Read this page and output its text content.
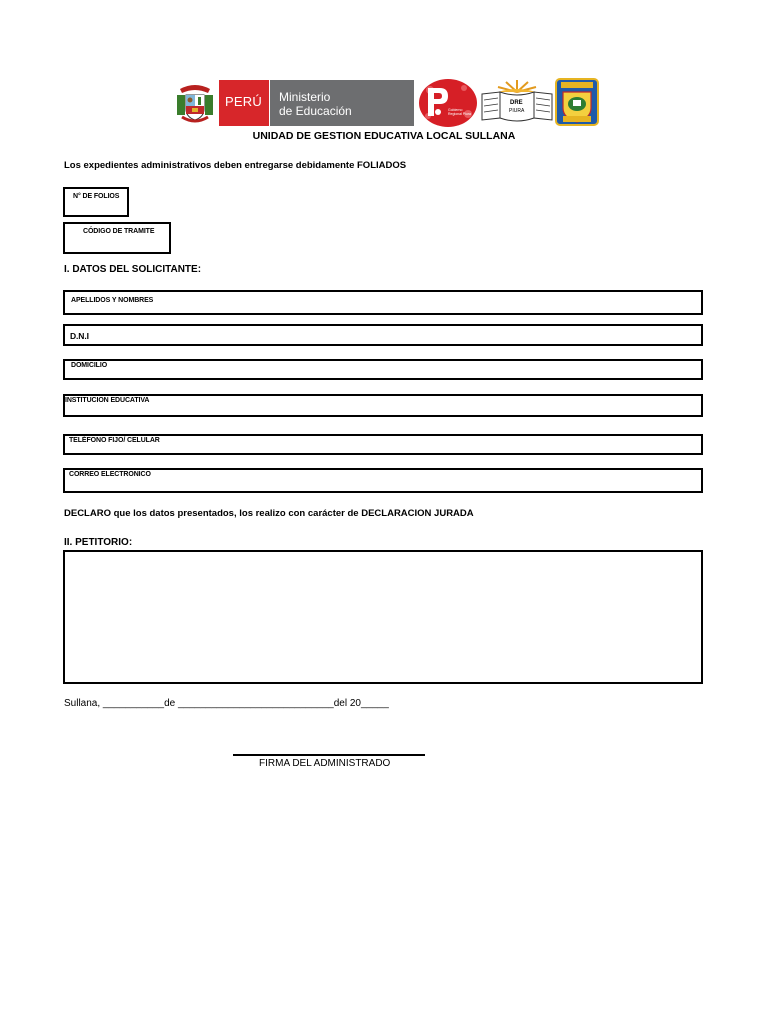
PERÚ Ministerio
de Educación	Gobierno Regional Piura
DRE
PIURA
UNIDAD DE GESTION EDUCATIVA LOCAL SULLANA
Los expedientes administrativos deben entregarse debidamente FOLIADOS
N° DE FOLIOS
CÓDIGO DE TRAMITE
I. DATOS DEL SOLICITANTE:
APELLIDOS Y NOMBRES
D.N.I
DOMICILIO
INSTITUCION EDUCATIVA
TELÉFONO FIJO/ CELULAR
CORREO ELECTRONICO
DECLARO que los datos presentados, los realizo con carácter de DECLARACION JURADA
II. PETITORIO:
Sullana, ___________de ____________________________del 20_____
FIRMA DEL ADMINISTRADO
